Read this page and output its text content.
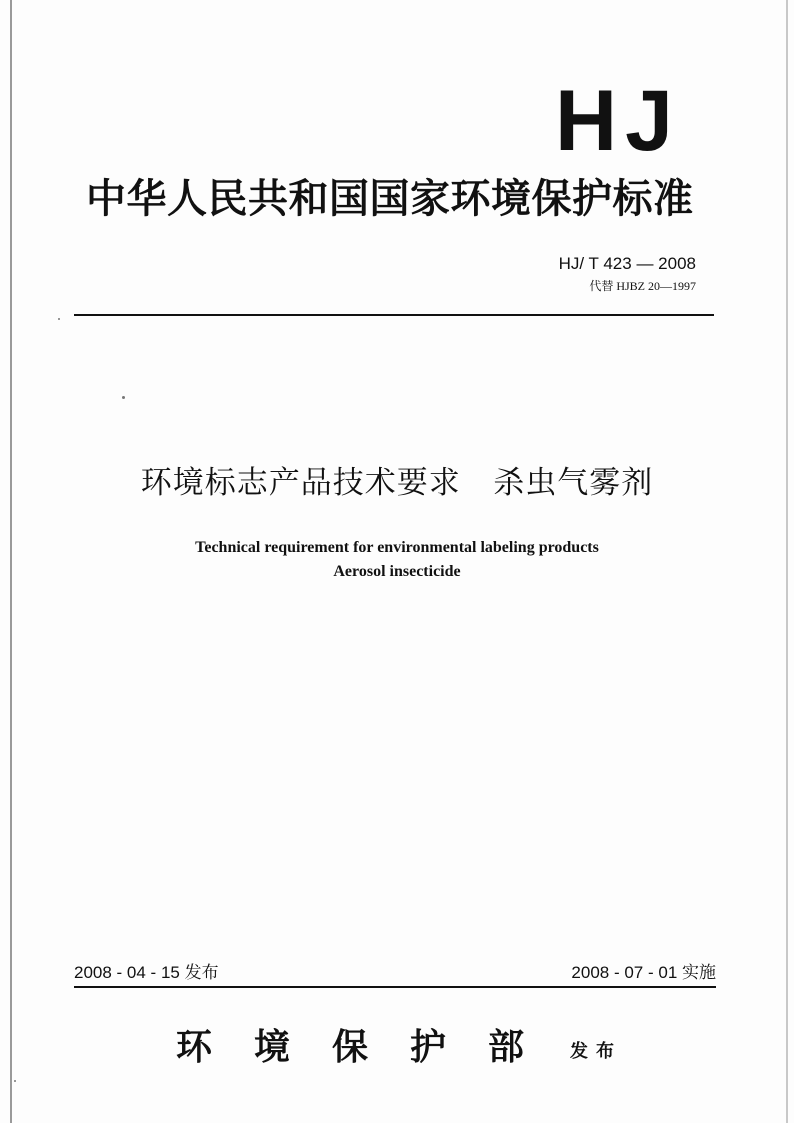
HJ
中华人民共和国国家环境保护标准
HJ/ T 423 — 2008
代替 HJBZ 20—1997
环境标志产品技术要求   杀虫气雾剂
Technical requirement for environmental labeling products
Aerosol insecticide
2008 - 04 - 15 发布	2008 - 07 - 01 实施
环境保护部 发布
